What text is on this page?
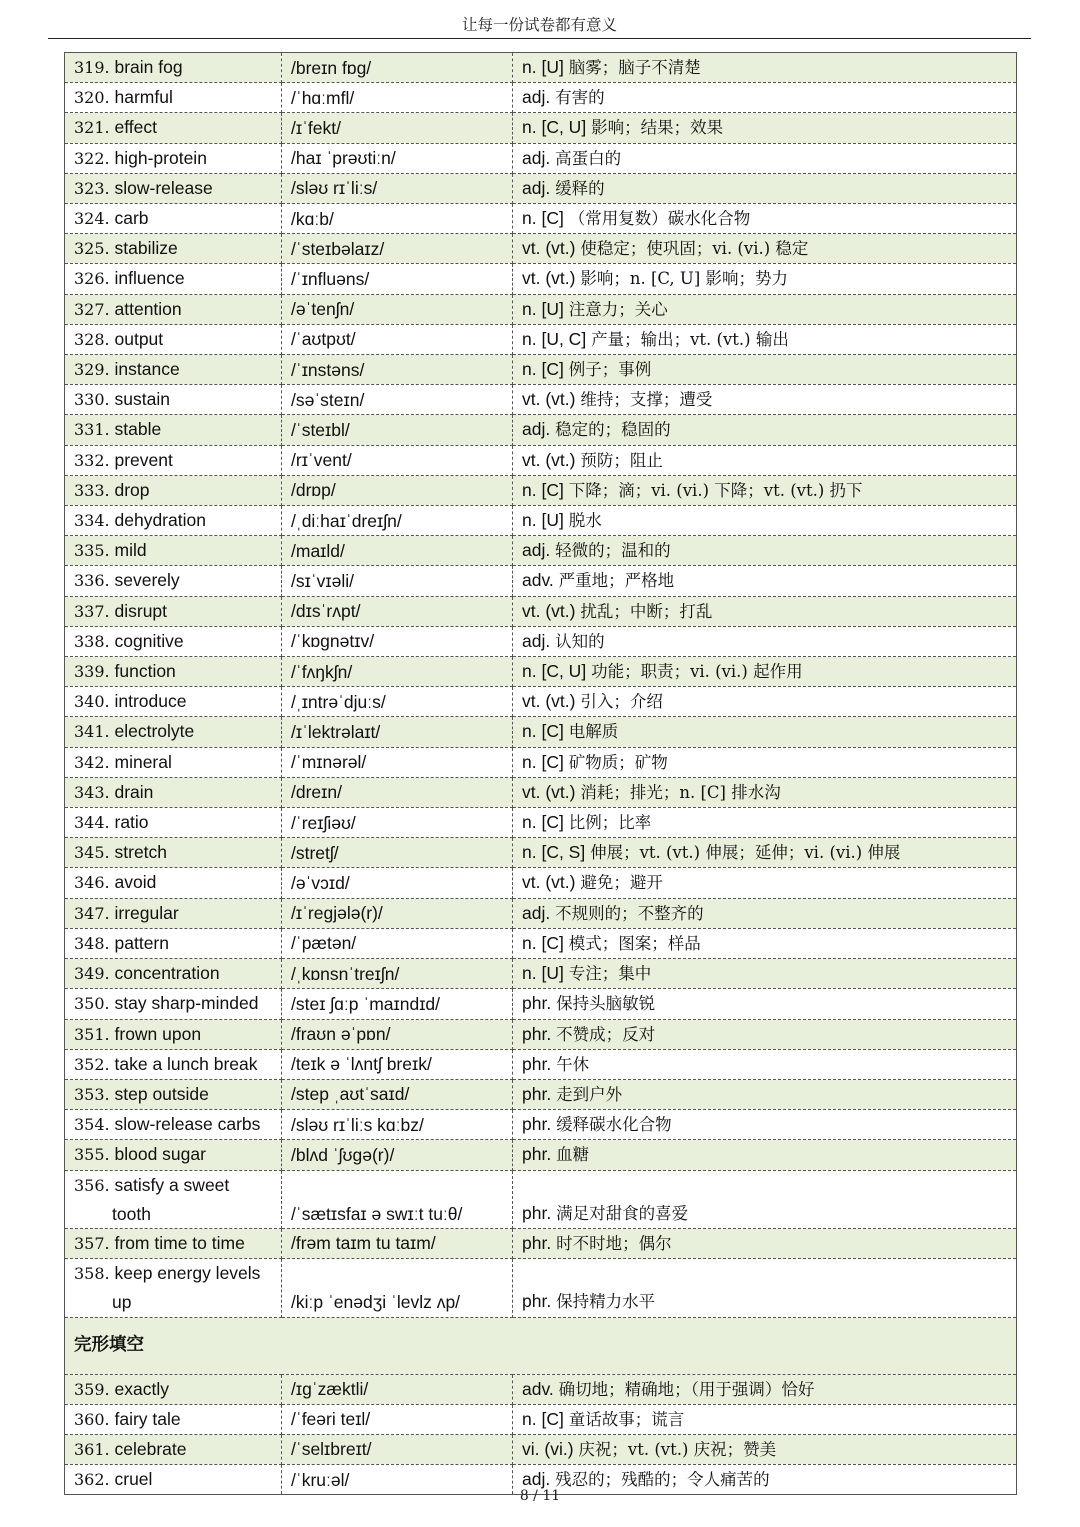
让每一份试卷都有意义
319. brain fog	/breɪn fɒg/	n. [U] 脑雾；脑子不清楚
320. harmful	/ˈhɑːmfl/	adj. 有害的
321. effect	/ɪˈfekt/	n. [C, U] 影响；结果；效果
322. high-protein	/haɪ ˈprəʊtiːn/	adj. 高蛋白的
323. slow-release	/sləʊ rɪˈliːs/	adj. 缓释的
324. carb	/kɑːb/	n. [C] （常用复数）碳水化合物
325. stabilize	/ˈsteɪbəlaɪz/	vt. (vt.) 使稳定；使巩固；vi. (vi.) 稳定
326. influence	/ˈɪnfluəns/	vt. (vt.) 影响；n. [C, U] 影响；势力
327. attention	/əˈtenʃn/	n. [U] 注意力；关心
328. output	/ˈaʊtpʊt/	n. [U, C] 产量；输出；vt. (vt.) 输出
329. instance	/ˈɪnstəns/	n. [C] 例子；事例
330. sustain	/səˈsteɪn/	vt. (vt.) 维持；支撑；遭受
331. stable	/ˈsteɪbl/	adj. 稳定的；稳固的
332. prevent	/rɪˈvent/	vt. (vt.) 预防；阻止
333. drop	/drɒp/	n. [C] 下降；滴；vi. (vi.) 下降；vt. (vt.) 扔下
334. dehydration	/ˌdiːhaɪˈdreɪʃn/	n. [U] 脱水
335. mild	/maɪld/	adj. 轻微的；温和的
336. severely	/sɪˈvɪəli/	adv. 严重地；严格地
337. disrupt	/dɪsˈrʌpt/	vt. (vt.) 扰乱；中断；打乱
338. cognitive	/ˈkɒgnətɪv/	adj. 认知的
339. function	/ˈfʌŋkʃn/	n. [C, U] 功能；职责；vi. (vi.) 起作用
340. introduce	/ˌɪntrəˈdjuːs/	vt. (vt.) 引入；介绍
341. electrolyte	/ɪˈlektrəlaɪt/	n. [C] 电解质
342. mineral	/ˈmɪnərəl/	n. [C] 矿物质；矿物
343. drain	/dreɪn/	vt. (vt.) 消耗；排光；n. [C] 排水沟
344. ratio	/ˈreɪʃiəʊ/	n. [C] 比例；比率
345. stretch	/stretʃ/	n. [C, S] 伸展；vt. (vt.) 伸展；延伸；vi. (vi.) 伸展
346. avoid	/əˈvɔɪd/	vt. (vt.) 避免；避开
347. irregular	/ɪˈregjələ(r)/	adj. 不规则的；不整齐的
348. pattern	/ˈpætən/	n. [C] 模式；图案；样品
349. concentration	/ˌkɒnsnˈtreɪʃn/	n. [U] 专注；集中
350. stay sharp-minded	/steɪ ʃɑːp ˈmaɪndɪd/	phr. 保持头脑敏锐
351. frown upon	/fraʊn əˈpɒn/	phr. 不赞成；反对
352. take a lunch break	/teɪk ə ˈlʌntʃ breɪk/	phr. 午休
353. step outside	/step ˌaʊtˈsaɪd/	phr. 走到户外
354. slow-release carbs	/sləʊ rɪˈliːs kɑːbz/	phr. 缓释碳水化合物
355. blood sugar	/blʌd ˈʃʊgə(r)/	phr. 血糖
356. satisfy a sweet
tooth	/ˈsætɪsfaɪ ə swɪːt tuːθ/	phr. 满足对甜食的喜爱
357. from time to time	/frəm taɪm tu taɪm/	phr. 时不时地；偶尔
358. keep energy levels
up	/kiːp ˈenədʒi ˈlevlz ʌp/	phr. 保持精力水平
完形填空		
359. exactly	/ɪgˈzæktli/	adv. 确切地；精确地；（用于强调）恰好
360. fairy tale	/ˈfeəri teɪl/	n. [C] 童话故事；谎言
361. celebrate	/ˈselɪbreɪt/	vi. (vi.) 庆祝；vt. (vt.) 庆祝；赞美
362. cruel	/ˈkruːəl/	adj. 残忍的；残酷的；令人痛苦的
8 / 11
